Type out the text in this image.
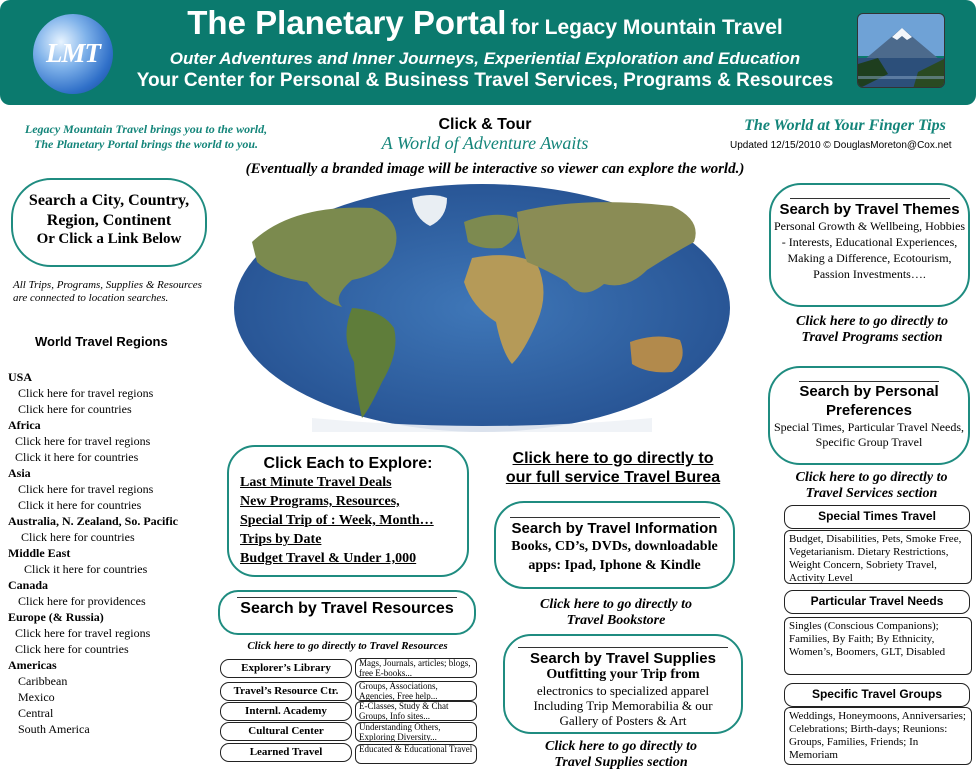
LMT
The Planetary Portal for Legacy Mountain Travel
Outer Adventures and Inner Journeys, Experiential Exploration and Education
Your Center for Personal & Business Travel Services, Programs & Resources
Legacy Mountain Travel brings you to the world,
The Planetary Portal brings the world to you.
Click & Tour
A World of Adventure Awaits
The World at Your Finger Tips
Updated 12/15/2010 © DouglasMoreton@Cox.net
(Eventually a branded image will be interactive so viewer can explore the world.)
Search a City, Country,
Region, Continent
Or Click a Link Below
All Trips, Programs, Supplies & Resources are connected to location searches.
World Travel Regions
USA
Click here for travel regions
Click here for countries
Africa
Click here for travel regions
Click it here for countries
Asia
Click here for travel regions
Click it here for countries
Australia, N. Zealand, So. Pacific
Click here for countries
Middle East
Click it here for countries
Canada
Click here for providences
Europe (& Russia)
Click here for travel regions
Click here for countries
Americas
Caribbean
Mexico
Central
South America
Click Each to Explore:
Last Minute Travel Deals
New Programs, Resources,
Special Trip of : Week, Month…
Trips by Date
Budget Travel & Under 1,000
Search by Travel Resources
Click here to go directly to Travel Resources
Explorer’s Library	Mags, Journals, articles; blogs, free E-books...
Travel’s Resource Ctr.	Groups, Associations, Agencies, Free help...
Internl. Academy	E-Classes, Study & Chat Groups, Info sites...
Cultural Center	Understanding Others, Exploring Diversity...
Learned Travel	Educated & Educational Travel
Click here to go directly to
our full service Travel Burea
Search by Travel Information
Books, CD’s, DVDs, downloadable
apps: Ipad, Iphone & Kindle
Click here to go directly to
Travel Bookstore
Search by Travel Supplies
Outfitting your Trip from
electronics to specialized apparel
Including Trip Memorabilia & our
Gallery of Posters & Art
Click here to go directly to
Travel Supplies section
Search by Travel Themes
Personal Growth & Wellbeing, Hobbies - Interests, Educational Experiences, Making a Difference, Ecotourism, Passion Investments….
Click here to go directly to
Travel Programs section
Search by Personal
Preferences
Special Times, Particular Travel Needs, Specific Group Travel
Click here to go directly to
Travel Services section
Special Times Travel
Budget, Disabilities, Pets, Smoke Free, Vegetarianism. Dietary Restrictions, Weight Concern, Sobriety Travel, Activity Level
Particular Travel Needs
Singles (Conscious Companions); Families, By Faith; By Ethnicity, Women’s, Boomers, GLT, Disabled
Specific Travel Groups
Weddings, Honeymoons, Anniversaries; Celebrations; Birth-days; Reunions: Groups, Families, Friends; In Memoriam
